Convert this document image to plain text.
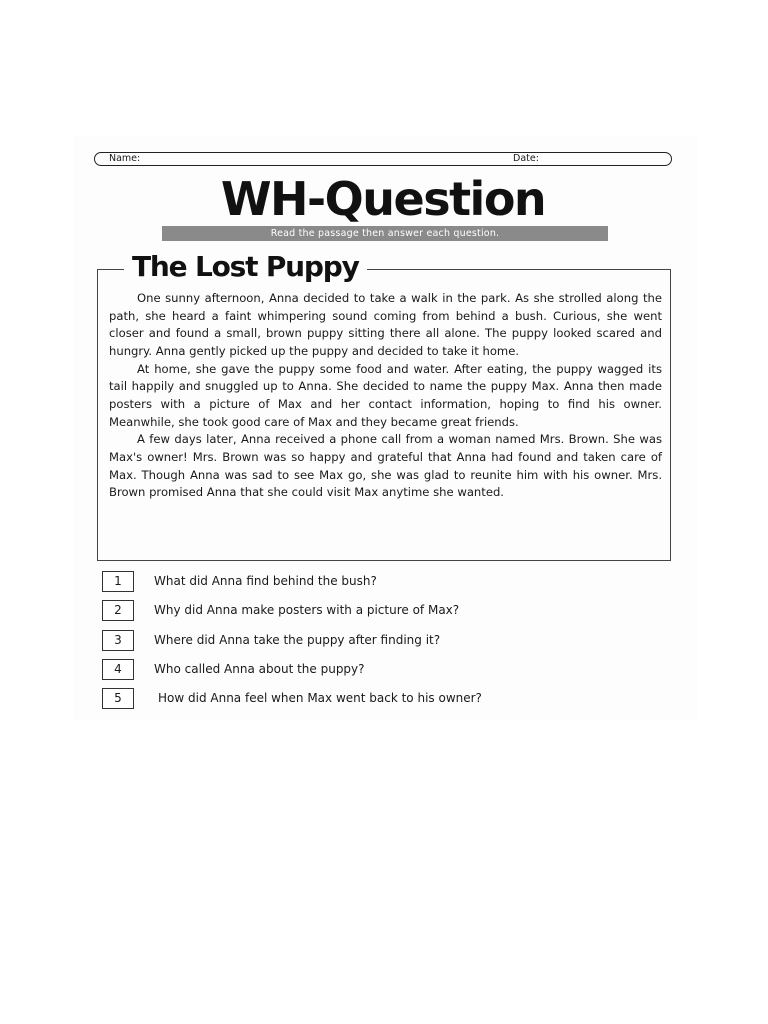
Name:	Date:
WH-Question
Read the passage then answer each question.
The Lost Puppy

One sunny afternoon, Anna decided to take a walk in the park. As she strolled along the path, she heard a faint whimpering sound coming from behind a bush. Curious, she went closer and found a small, brown puppy sitting there all alone. The puppy looked scared and hungry. Anna gently picked up the puppy and decided to take it home.

At home, she gave the puppy some food and water. After eating, the puppy wagged its tail happily and snuggled up to Anna. She decided to name the puppy Max. Anna then made posters with a picture of Max and her contact information, hoping to find his owner. Meanwhile, she took good care of Max and they became great friends.

A few days later, Anna received a phone call from a woman named Mrs. Brown. She was Max's owner! Mrs. Brown was so happy and grateful that Anna had found and taken care of Max. Though Anna was sad to see Max go, she was glad to reunite him with his owner. Mrs. Brown promised Anna that she could visit Max anytime she wanted.

1	What did Anna find behind the bush?
2	Why did Anna make posters with a picture of Max?
3	Where did Anna take the puppy after finding it?
4	Who called Anna about the puppy?
5	How did Anna feel when Max went back to his owner?
